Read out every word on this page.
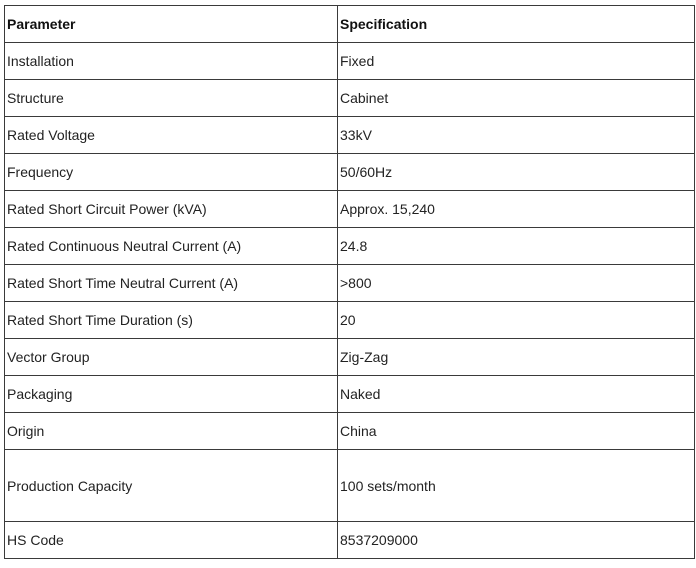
Parameter	Specification
Installation	Fixed
Structure	Cabinet
Rated Voltage	33kV
Frequency	50/60Hz
Rated Short Circuit Power (kVA)	Approx. 15,240
Rated Continuous Neutral Current (A)	24.8
Rated Short Time Neutral Current (A)	>800
Rated Short Time Duration (s)	20
Vector Group	Zig-Zag
Packaging	Naked
Origin	China
Production Capacity	100 sets/month
HS Code	8537209000
